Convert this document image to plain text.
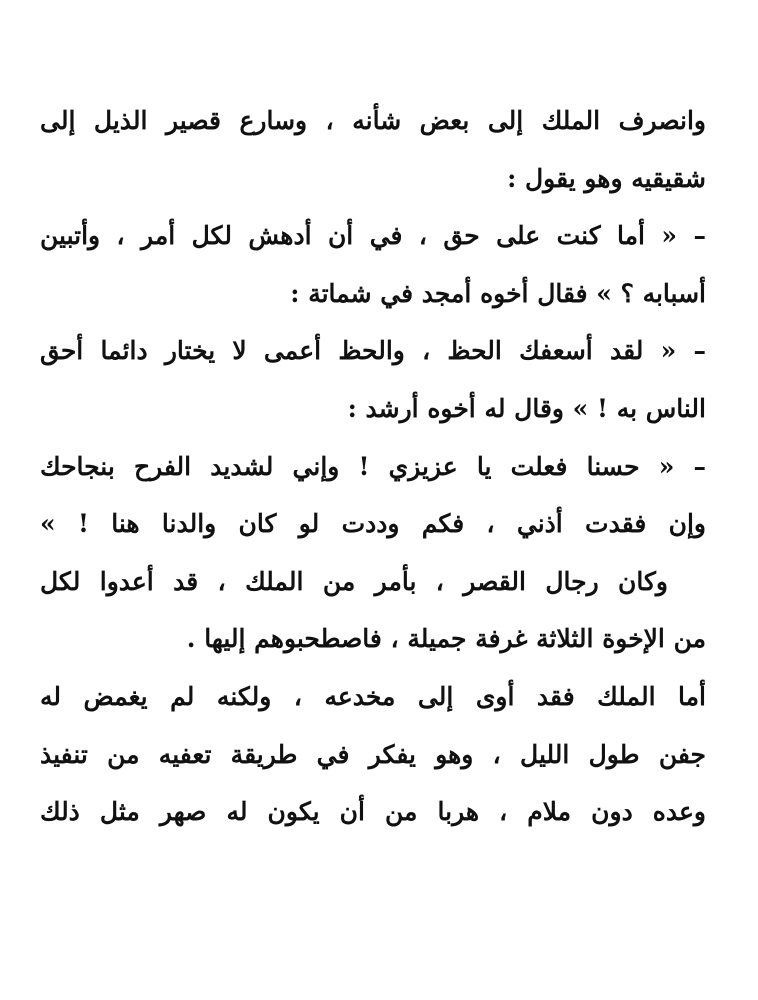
وانصرف الملك إلى بعض شأنه ، وسارع قصير الذيل إلى
شقيقيه وهو يقول :
– « أما كنت على حق ، في أن أدهش لكل أمر ، وأتبين
أسبابه ؟ » فقال أخوه أمجد في شماتة :
– « لقد أسعفك الحظ ، والحظ أعمى لا يختار دائما أحق
الناس به ! » وقال له أخوه أرشد :
– « حسنا فعلت يا عزيزي ! وإني لشديد الفرح بنجاحك
وإن فقدت أذني ، فكم وددت لو كان والدنا هنا ! »
وكان رجال القصر ، بأمر من الملك ، قد أعدوا لكل
من الإخوة الثلاثة غرفة جميلة ، فاصطحبوهم إليها .
أما الملك فقد أوى إلى مخدعه ، ولكنه لم يغمض له
جفن طول الليل ، وهو يفكر في طريقة تعفيه من تنفيذ
وعده دون ملام ، هربا من أن يكون له صهر مثل ذلك
